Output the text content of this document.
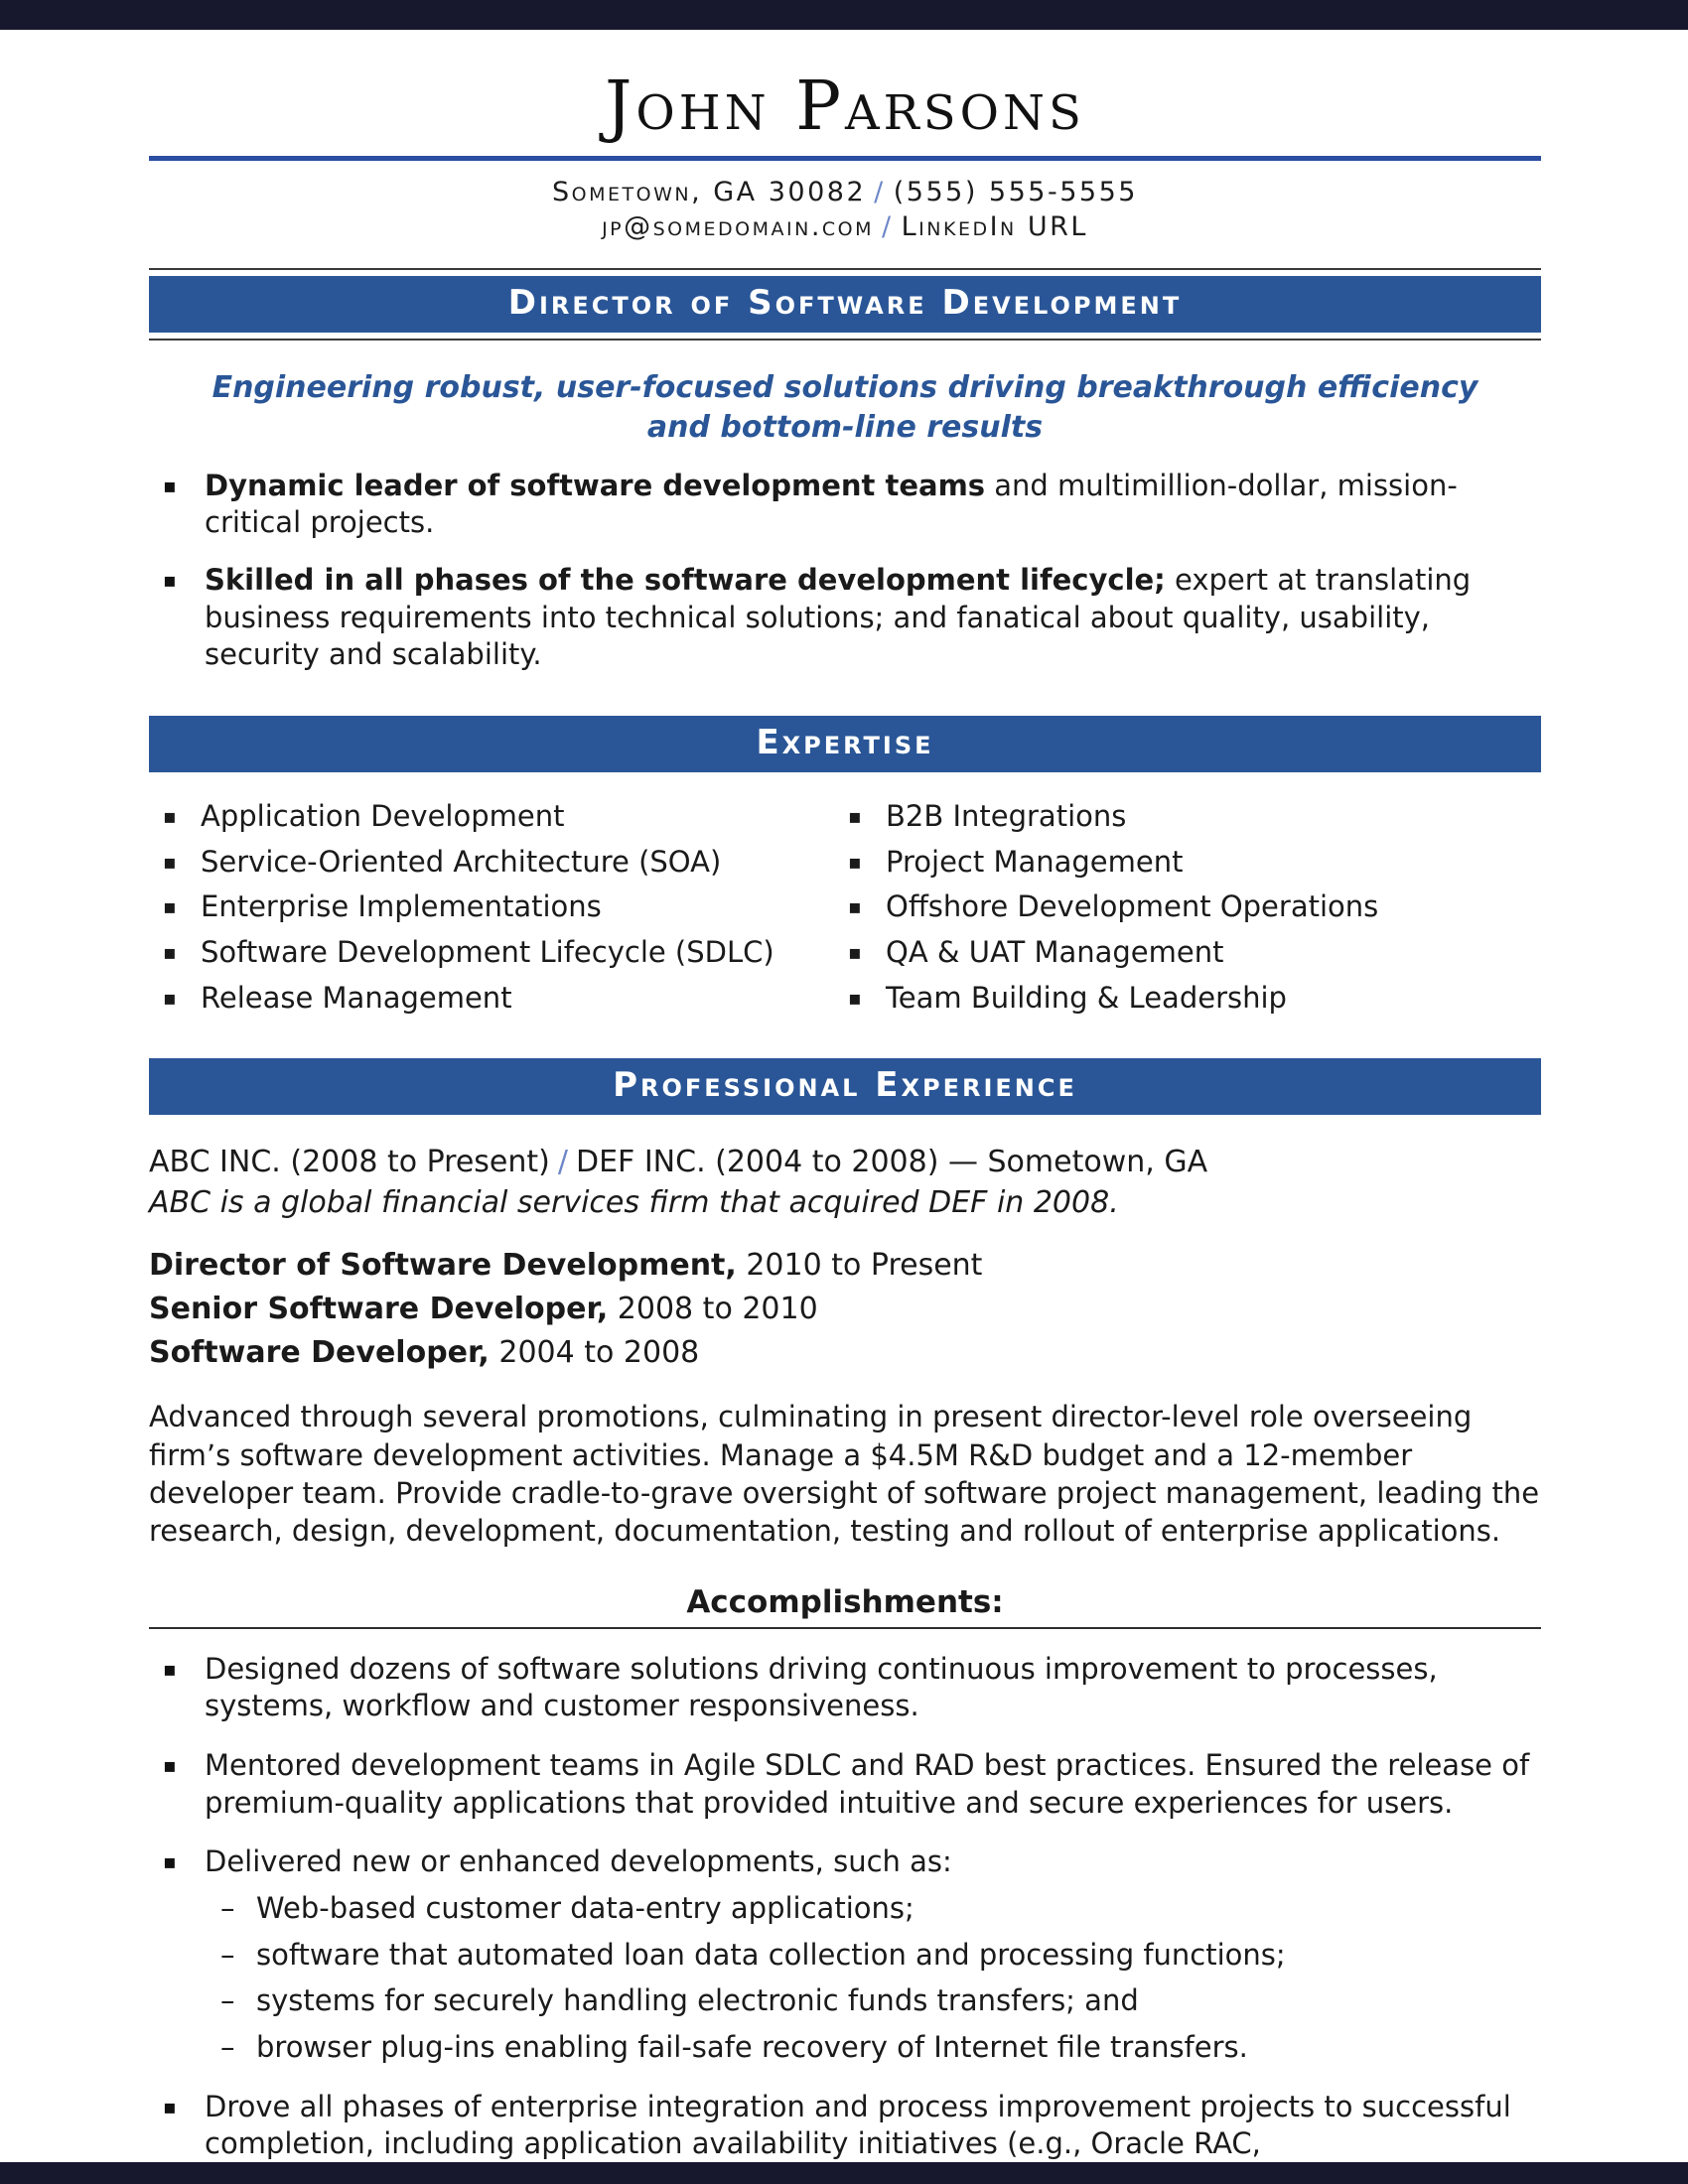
John Parsons
Sometown, GA 30082 / (555) 555-5555
jp@somedomain.com / LinkedIn URL
Director of Software Development
Engineering robust, user-focused solutions driving breakthrough efficiency and bottom-line results
▪ Dynamic leader of software development teams and multimillion-dollar, mission-critical projects.
▪ Skilled in all phases of the software development lifecycle; expert at translating business requirements into technical solutions; and fanatical about quality, usability, security and scalability.
Expertise
▪ Application Development
▪ Service-Oriented Architecture (SOA)
▪ Enterprise Implementations
▪ Software Development Lifecycle (SDLC)
▪ Release Management
▪ B2B Integrations
▪ Project Management
▪ Offshore Development Operations
▪ QA & UAT Management
▪ Team Building & Leadership
Professional Experience
ABC INC. (2008 to Present) / DEF INC. (2004 to 2008) — Sometown, GA
ABC is a global financial services firm that acquired DEF in 2008.
Director of Software Development, 2010 to Present
Senior Software Developer, 2008 to 2010
Software Developer, 2004 to 2008
Advanced through several promotions, culminating in present director-level role overseeing firm’s software development activities. Manage a $4.5M R&D budget and a 12-member developer team. Provide cradle-to-grave oversight of software project management, leading the research, design, development, documentation, testing and rollout of enterprise applications.
Accomplishments:
▪ Designed dozens of software solutions driving continuous improvement to processes, systems, workflow and customer responsiveness.
▪ Mentored development teams in Agile SDLC and RAD best practices. Ensured the release of premium-quality applications that provided intuitive and secure experiences for users.
▪ Delivered new or enhanced developments, such as:
– Web-based customer data-entry applications;
– software that automated loan data collection and processing functions;
– systems for securely handling electronic funds transfers; and
– browser plug-ins enabling fail-safe recovery of Internet file transfers.
▪ Drove all phases of enterprise integration and process improvement projects to successful completion, including application availability initiatives (e.g., Oracle RAC,
